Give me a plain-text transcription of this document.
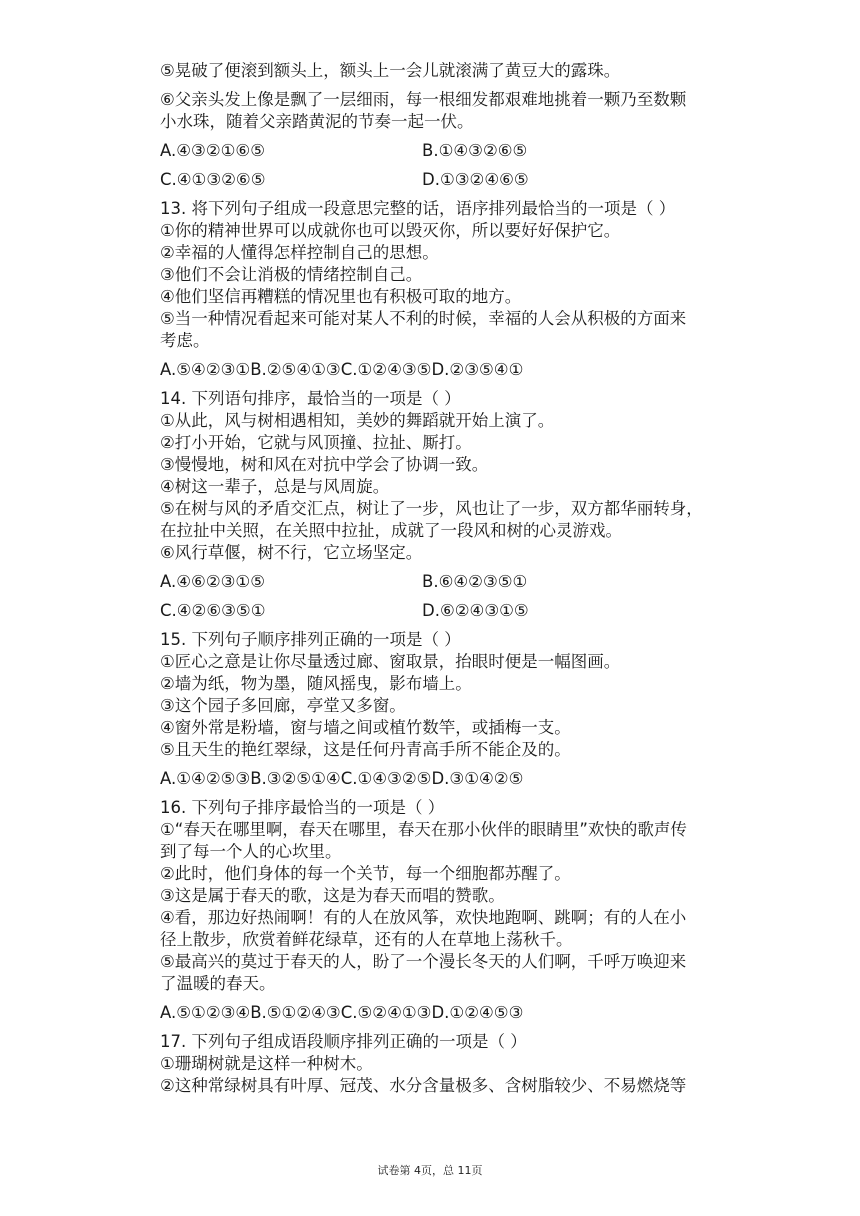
⑤晃破了便滚到额头上，额头上一会儿就滚满了黄豆大的露珠。
⑥父亲头发上像是飘了一层细雨，每一根细发都艰难地挑着一颗乃至数颗
小水珠，随着父亲踏黄泥的节奏一起一伏。
A.④③②①⑥⑤	B.①④③②⑥⑤
C.④①③②⑥⑤	D.①③②④⑥⑤
13. 将下列句子组成一段意思完整的话，语序排列最恰当的一项是（ ）
①你的精神世界可以成就你也可以毁灭你，所以要好好保护它。
②幸福的人懂得怎样控制自己的思想。
③他们不会让消极的情绪控制自己。
④他们坚信再糟糕的情况里也有积极可取的地方。
⑤当一种情况看起来可能对某人不利的时候，幸福的人会从积极的方面来
考虑。
A.⑤④②③①B.②⑤④①③C.①②④③⑤D.②③⑤④①
14. 下列语句排序，最恰当的一项是（ ）
①从此，风与树相遇相知，美妙的舞蹈就开始上演了。
②打小开始，它就与风顶撞、拉扯、厮打。
③慢慢地，树和风在对抗中学会了协调一致。
④树这一辈子，总是与风周旋。
⑤在树与风的矛盾交汇点，树让了一步，风也让了一步，双方都华丽转身，
在拉扯中关照，在关照中拉扯，成就了一段风和树的心灵游戏。
⑥风行草偃，树不行，它立场坚定。
A.④⑥②③①⑤	B.⑥④②③⑤①
C.④②⑥③⑤①	D.⑥②④③①⑤
15. 下列句子顺序排列正确的一项是（ ）
①匠心之意是让你尽量透过廊、窗取景，抬眼时便是一幅图画。
②墙为纸，物为墨，随风摇曳，影布墙上。
③这个园子多回廊，亭堂又多窗。
④窗外常是粉墙，窗与墙之间或植竹数竿，或插梅一支。
⑤且天生的艳红翠绿，这是任何丹青高手所不能企及的。
A.①④②⑤③B.③②⑤①④C.①④③②⑤D.③①④②⑤
16. 下列句子排序最恰当的一项是（ ）
①“春天在哪里啊，春天在哪里，春天在那小伙伴的眼睛里”欢快的歌声传
到了每一个人的心坎里。
②此时，他们身体的每一个关节，每一个细胞都苏醒了。
③这是属于春天的歌，这是为春天而唱的赞歌。
④看，那边好热闹啊！有的人在放风筝，欢快地跑啊、跳啊；有的人在小
径上散步，欣赏着鲜花绿草，还有的人在草地上荡秋千。
⑤最高兴的莫过于春天的人，盼了一个漫长冬天的人们啊，千呼万唤迎来
了温暖的春天。
A.⑤①②③④B.⑤①②④③C.⑤②④①③D.①②④⑤③
17. 下列句子组成语段顺序排列正确的一项是（ ）
①珊瑚树就是这样一种树木。
②这种常绿树具有叶厚、冠茂、水分含量极多、含树脂较少、不易燃烧等
试卷第 4页，总 11页
